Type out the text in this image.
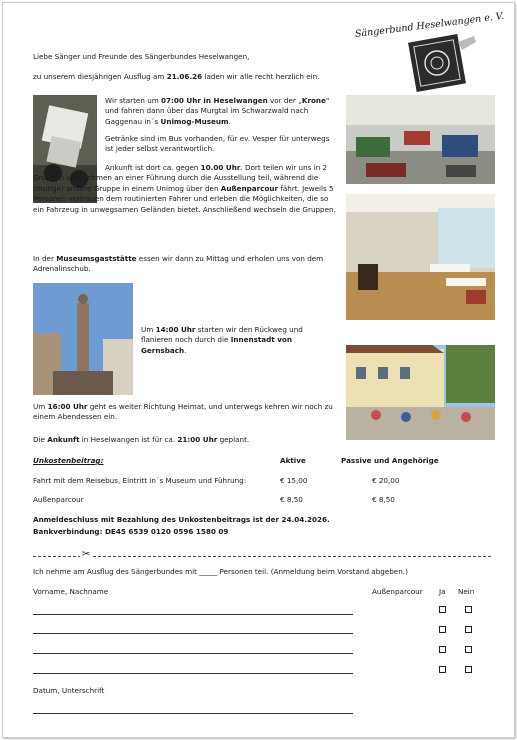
Sängerbund Heselwangen e. V.

Liebe Sänger und Freunde des Sängerbundes Heselwangen,

zu unserem diesjährigen Ausflug am 21.06.26 laden wir alle recht herzlich ein.

Wir starten um 07:00 Uhr in Heselwangen vor der „Krone“ und fahren dann über das Murgtal im Schwarzwald nach Gaggenau in´s Unimog-Museum.

Getränke sind im Bus vorhanden, für ev. Vesper für unterwegs ist jeder selbst verantwortlich.

Ankunft ist dort ca. gegen 10.00 Uhr. Dort teilen wir uns in 2 Gruppen und nehmen an einer Führung durch die Ausstellung teil, während die (mutige) andere Gruppe in einem Unimog über den Außenparcour fährt. Jeweils 5 Personen vertrauen dem routinierten Fahrer und erleben die Möglichkeiten, die so ein Fahrzeug in unwegsamen Geländen bietet. Anschließend wechseln die Gruppen.

In der Museumsgaststätte essen wir dann zu Mittag und erholen uns von dem Adrenalinschub.

Um 14:00 Uhr starten wir den Rückweg und flanieren noch durch die Innenstadt von Gernsbach.

Um 16:00 Uhr geht es weiter Richtung Heimat, und unterwegs kehren wir noch zu einem Abendessen ein.

Die Ankunft in Heselwangen ist für ca. 21:00 Uhr geplant.

Unkostenbeitrag:	Aktive	Passive und Angehörige
Fahrt mit dem Reisebus, Eintritt in´s Museum und Führung:	€ 15,00	€ 20,00
Außenparcour	€ 8,50	€ 8,50
Anmeldeschluss mit Bezahlung des Unkostenbeitrags ist der 24.04.2026.
Bankverbindung: DE45 6539 0120 0596 1580 09
✂

Ich nehme am Ausflug des Sängerbundes mit _____ Personen teil. (Anmeldung beim Vorstand abgeben.)

Vorname, Nachname	Außenparcour Ja Nein

Datum, Unterschrift
